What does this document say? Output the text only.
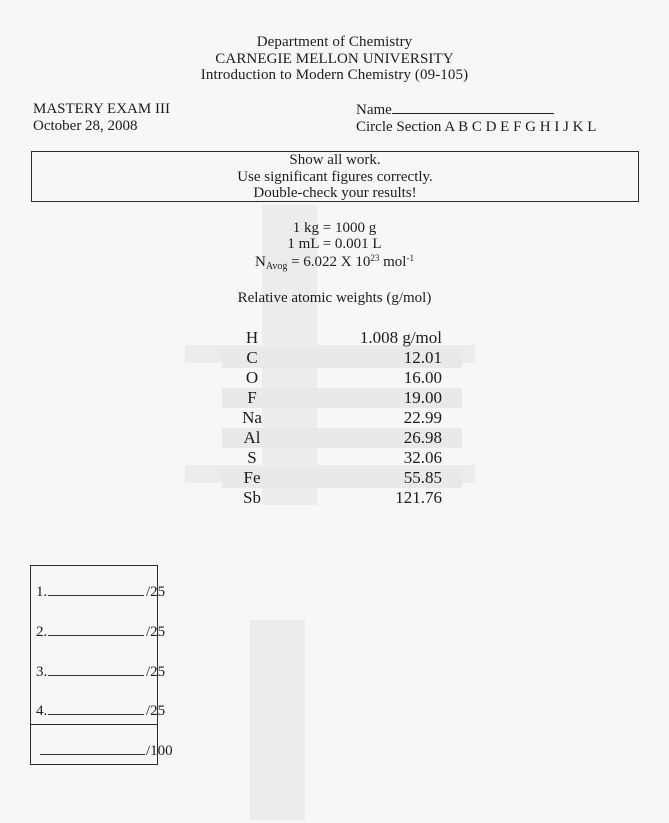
Department of Chemistry
CARNEGIE MELLON UNIVERSITY
Introduction to Modern Chemistry (09-105)
MASTERY EXAM III
October 28, 2008
Name
Circle Section A B C D E F G H I J K L
Show all work.
Use significant figures correctly.
Double-check your results!
1 kg = 1000 g
1 mL = 0.001 L
$N_{Avog} = 6.022$ X $10^{23}$ mol$^{-1}$
Relative atomic weights (g/mol)
H	1.008 g/mol
C	12.01
O	16.00
F	19.00
Na	22.99
Al	26.98
S	32.06
Fe	55.85
Sb	121.76
1.	/25
2.	/25
3.	/25
4.	/25
/100
